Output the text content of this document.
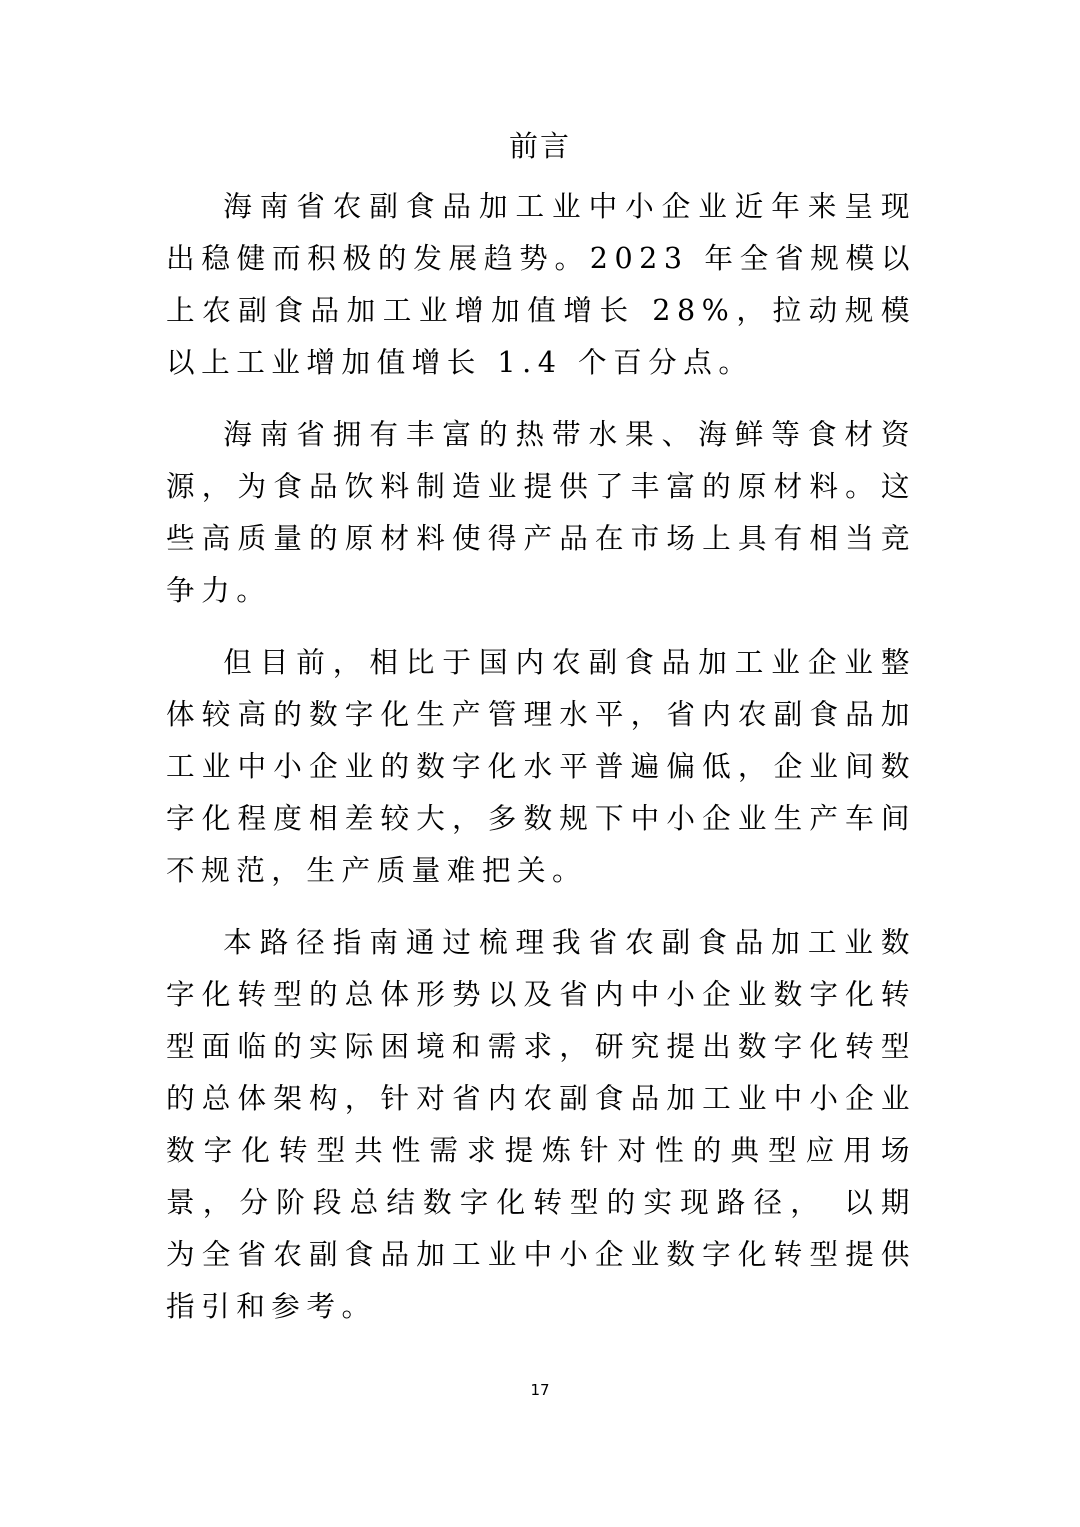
前言

海南省农副食品加工业中小企业近年来呈现出稳健而积极的发展趋势。2023 年全省规模以上农副食品加工业增加值增长 28%，拉动规模以上工业增加值增长 1.4 个百分点。

海南省拥有丰富的热带水果、海鲜等食材资源，为食品饮料制造业提供了丰富的原材料。这些高质量的原材料使得产品在市场上具有相当竞争力。

但目前，相比于国内农副食品加工业企业整体较高的数字化生产管理水平，省内农副食品加工业中小企业的数字化水平普遍偏低，企业间数字化程度相差较大，多数规下中小企业生产车间不规范，生产质量难把关。

本路径指南通过梳理我省农副食品加工业数字化转型的总体形势以及省内中小企业数字化转型面临的实际困境和需求，研究提出数字化转型的总体架构，针对省内农副食品加工业中小企业数字化转型共性需求提炼针对性的典型应用场景，分阶段总结数字化转型的实现路径， 以期为全省农副食品加工业中小企业数字化转型提供指引和参考。

17
